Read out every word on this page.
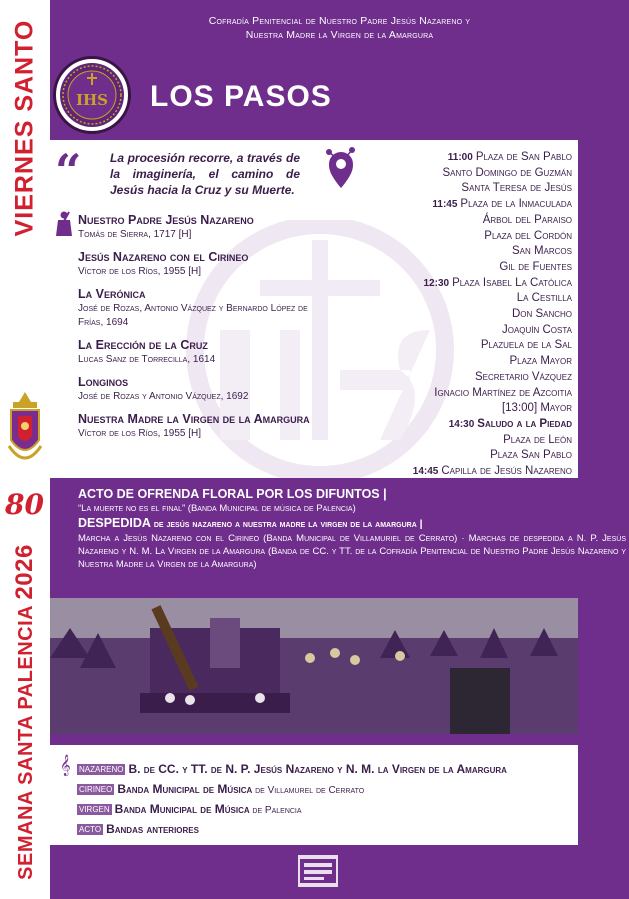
VIERNES SANTO
80
SEMANA SANTA PALENCIA 2026
Cofradía Penitencial de Nuestro Padre Jesús Nazareno y
Nuestra Madre la Virgen de la Amargura
IHS LOS PASOS
“ La procesión recorre, a través de la imaginería, el camino de Jesús hacia la Cruz y su Muerte.
Nuestro Padre Jesús Nazareno
Tomás de Sierra, 1717 [H]
Jesús Nazareno con el Cirineo
Víctor de los Ríos, 1955 [H]
La Verónica
José de Rozas, Antonio Vázquez y Bernardo López de Frías, 1694
La Erección de la Cruz
Lucas Sanz de Torrecilla, 1614
Longinos
José de Rozas y Antonio Vázquez, 1692
Nuestra Madre la Virgen de la Amargura
Víctor de los Ríos, 1955 [H]
11:00 Plaza de San Pablo
Santo Domingo de Guzmán
Santa Teresa de Jesús
11:45 Plaza de la Inmaculada
Árbol del Paraiso
Plaza del Cordón
San Marcos
Gil de Fuentes
12:30 Plaza Isabel La Católica
La Cestilla
Don Sancho
Joaquín Costa
Plazuela de la Sal
Plaza Mayor
Secretario Vázquez
Ignacio Martínez de Azcoitia
[13:00] Mayor
14:30 Saludo a la Piedad
Plaza de León
Plaza San Pablo
14:45 Capilla de Jesús Nazareno
ACTO DE OFRENDA FLORAL POR LOS DIFUNTOS |
“La muerte no es el final” (Banda Municipal de música de Palencia)
DESPEDIDA de jesús nazareno a nuestra madre la virgen de la amargura |
Marcha a Jesús Nazareno con el Cirineo (Banda Municipal de Villamuriel de Cerrato) · Marchas de despedida a N. P. Jesús Nazareno y N. M. La Virgen de la Amargura (Banda de CC. y TT. de la Cofradía Penitencial de Nuestro Padre Jesús Nazareno y Nuestra Madre la Virgen de la Amargura)
𝄞 NAZARENO B. de CC. y TT. de N. P. Jesús Nazareno y N. M. la Virgen de la Amargura
CIRINEO Banda Municipal de Música de Villamurel de Cerrato
VIRGEN Banda Municipal de Música de Palencia
ACTO Bandas anteriores
